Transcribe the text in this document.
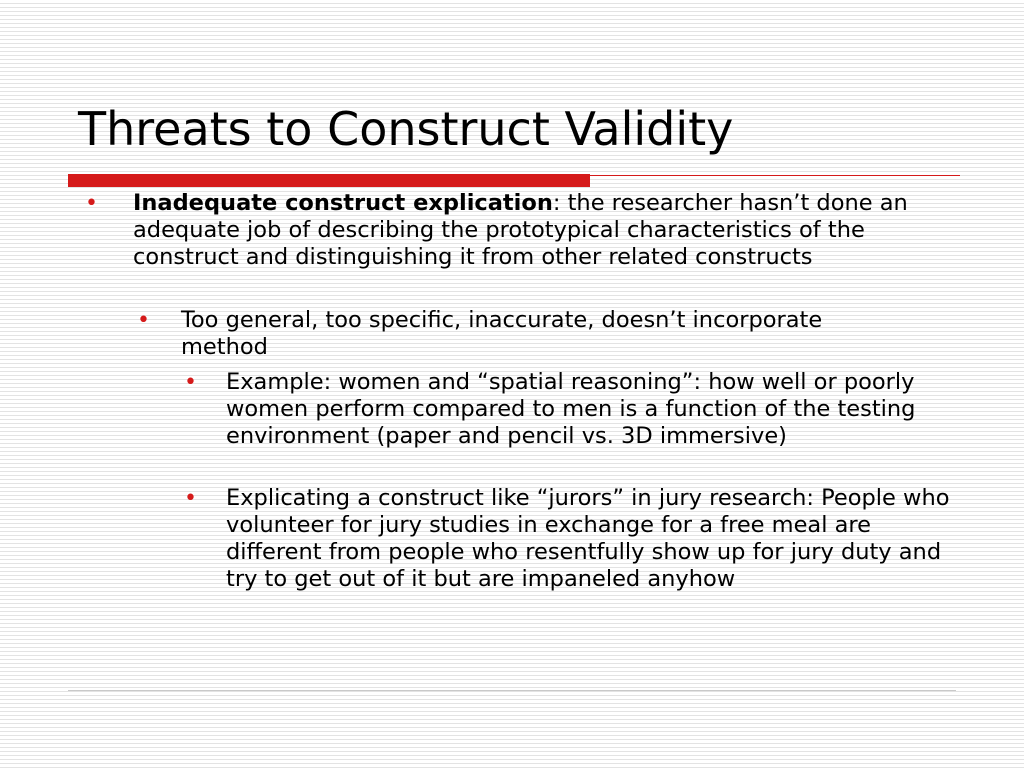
Threats to Construct Validity
• Inadequate construct explication: the researcher hasn’t done an adequate job of describing the prototypical characteristics of the construct and distinguishing it from other related constructs
• Too general, too specific, inaccurate, doesn’t incorporate method
• Example: women and “spatial reasoning”: how well or poorly women perform compared to men is a function of the testing environment (paper and pencil vs. 3D immersive)
• Explicating a construct like “jurors” in jury research: People who volunteer for jury studies in exchange for a free meal are different from people who resentfully show up for jury duty and try to get out of it but are impaneled anyhow
